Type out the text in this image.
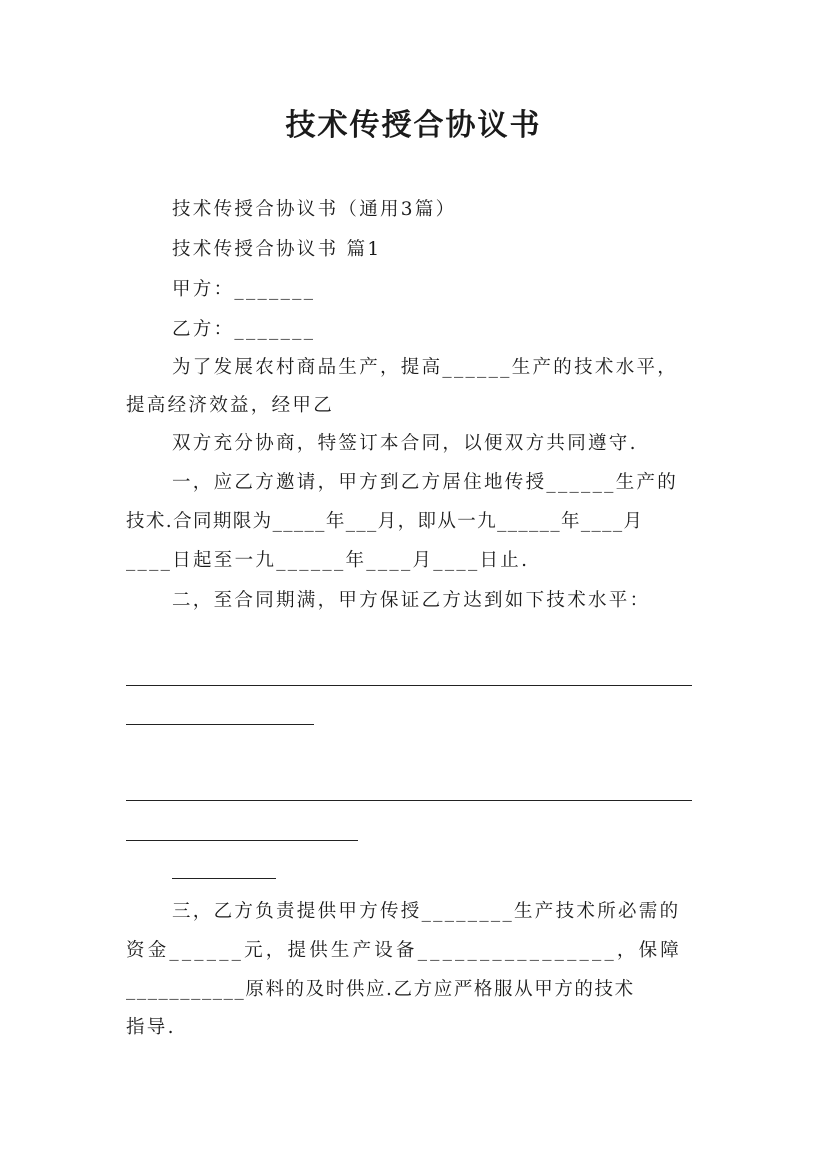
技术传授合协议书
技术传授合协议书（通用3篇）
技术传授合协议书 篇1
甲方：_______
乙方：_______
为了发展农村商品生产，提高______生产的技术水平，
提高经济效益，经甲乙
双方充分协商，特签订本合同，以便双方共同遵守.
一，应乙方邀请，甲方到乙方居住地传授______生产的
技术.合同期限为_____年___月，即从一九______年____月
____日起至一九______年____月____日止.
二，至合同期满，甲方保证乙方达到如下技术水平：
三，乙方负责提供甲方传授________生产技术所必需的
资金______元，提供生产设备________________，保障
___________原料的及时供应.乙方应严格服从甲方的技术
指导.
